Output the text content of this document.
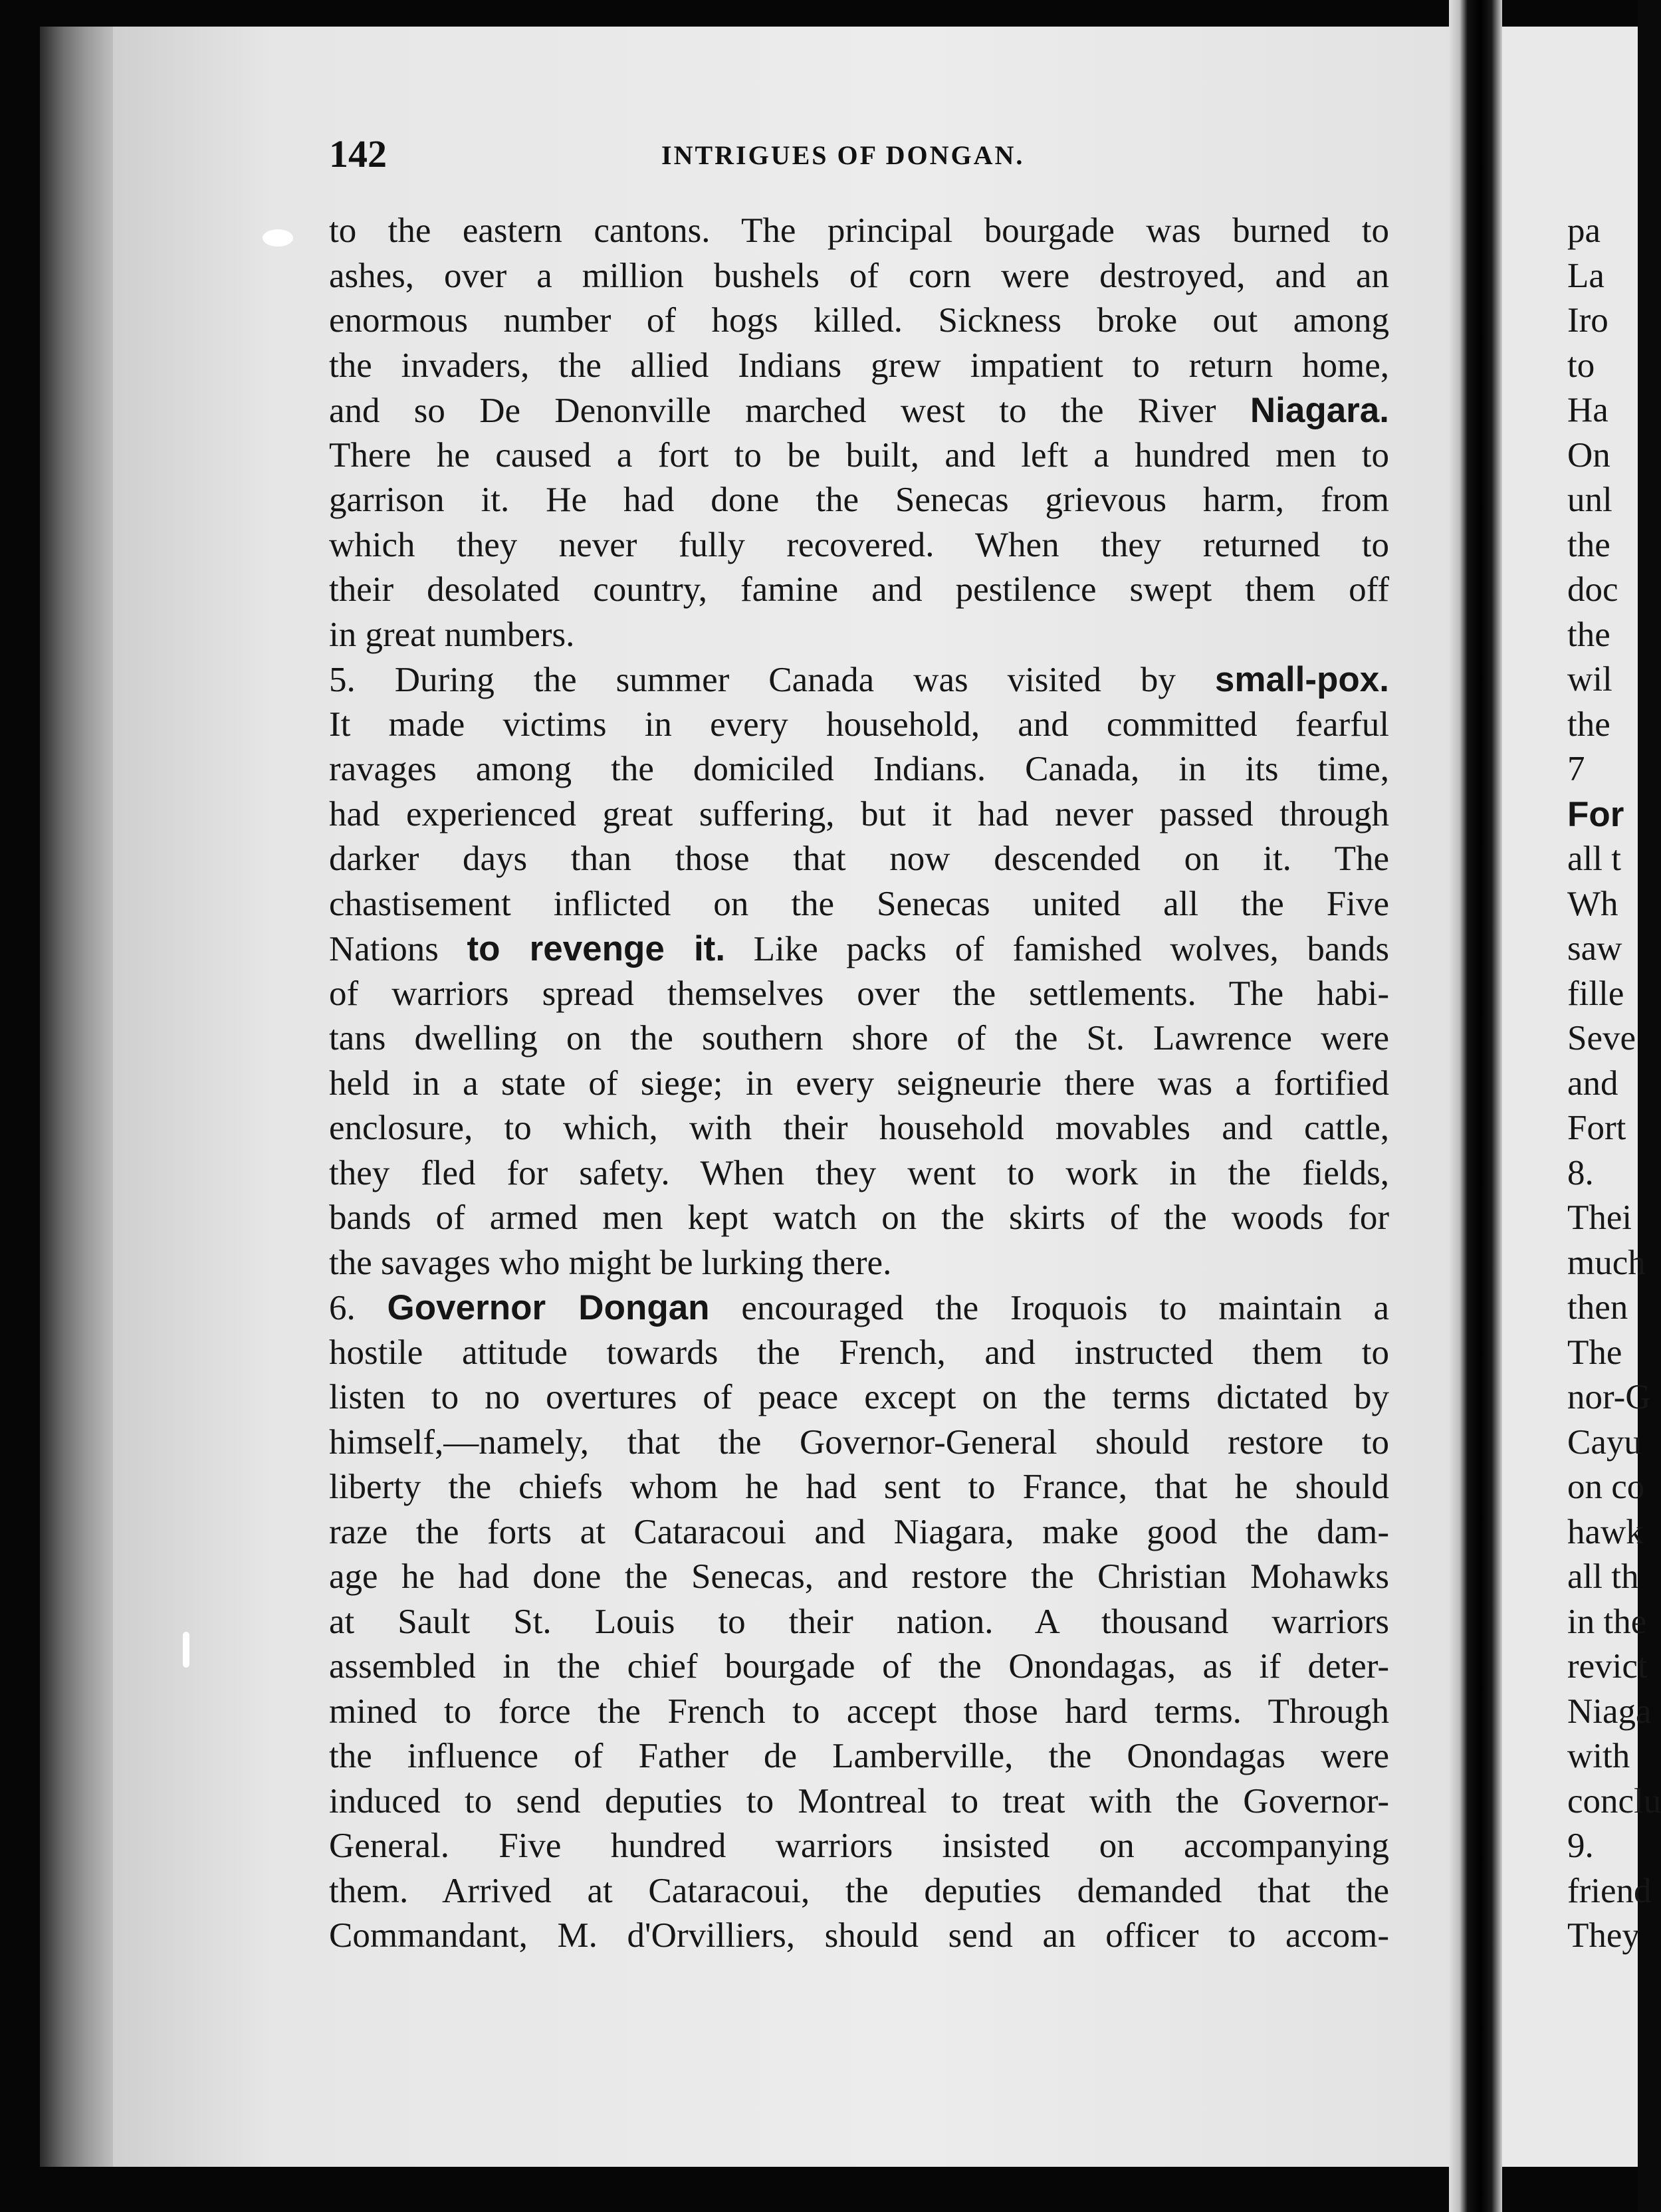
142	INTRIGUES OF DONGAN.
to the eastern cantons. The principal bourgade was burned to
ashes, over a million bushels of corn were destroyed, and an
enormous number of hogs killed. Sickness broke out among
the invaders, the allied Indians grew impatient to return home,
and so De Denonville marched west to the River Niagara.
There he caused a fort to be built, and left a hundred men to
garrison it. He had done the Senecas grievous harm, from
which they never fully recovered. When they returned to
their desolated country, famine and pestilence swept them off
in great numbers.
5. During the summer Canada was visited by small-pox.
It made victims in every household, and committed fearful
ravages among the domiciled Indians. Canada, in its time,
had experienced great suffering, but it had never passed through
darker days than those that now descended on it. The
chastisement inflicted on the Senecas united all the Five
Nations to revenge it. Like packs of famished wolves, bands
of warriors spread themselves over the settlements. The habi-
tans dwelling on the southern shore of the St. Lawrence were
held in a state of siege; in every seigneurie there was a fortified
enclosure, to which, with their household movables and cattle,
they fled for safety. When they went to work in the fields,
bands of armed men kept watch on the skirts of the woods for
the savages who might be lurking there.
6. Governor Dongan encouraged the Iroquois to maintain a
hostile attitude towards the French, and instructed them to
listen to no overtures of peace except on the terms dictated by
himself,—namely, that the Governor-General should restore to
liberty the chiefs whom he had sent to France, that he should
raze the forts at Cataracoui and Niagara, make good the dam-
age he had done the Senecas, and restore the Christian Mohawks
at Sault St. Louis to their nation. A thousand warriors
assembled in the chief bourgade of the Onondagas, as if deter-
mined to force the French to accept those hard terms. Through
the influence of Father de Lamberville, the Onondagas were
induced to send deputies to Montreal to treat with the Governor-
General. Five hundred warriors insisted on accompanying
them. Arrived at Cataracoui, the deputies demanded that the
Commandant, M. d'Orvilliers, should send an officer to accom-
pa
La
Iro
to
Ha
On
unl
the
doc
the
wil
the
7
For
all t
Wh
saw
fille
Seve
and
Fort
8.
Thei
much
then
The
nor-G
Cayu
on co
hawk
all th
in the
revict
Niaga
with
conclu
9.
friend
They
